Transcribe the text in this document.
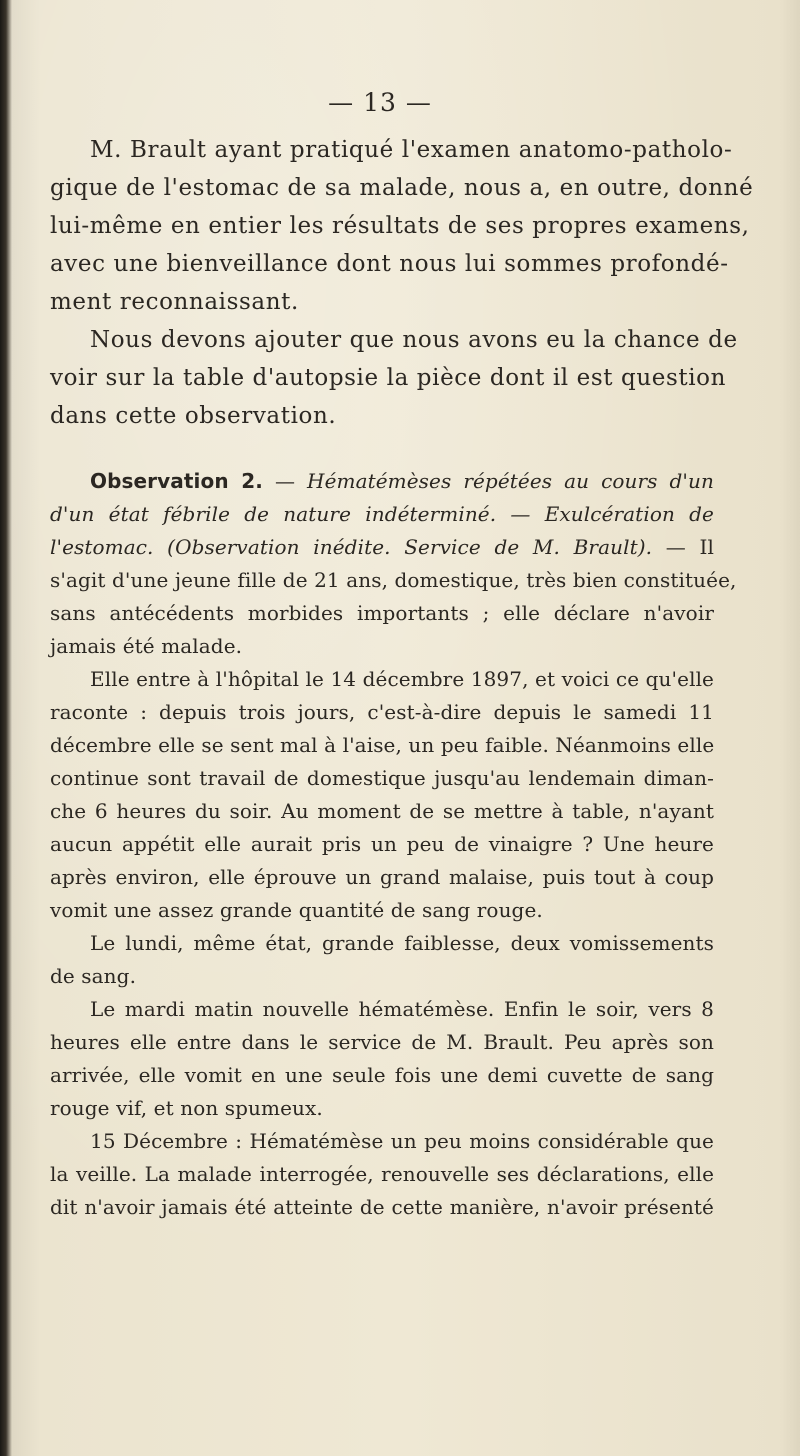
— 13 —
M. Brault ayant pratiqué l'examen anatomo-patholo-
gique de l'estomac de sa malade, nous a, en outre, donné
lui-même en entier les résultats de ses propres examens,
avec une bienveillance dont nous lui sommes profondé-
ment reconnaissant.
Nous devons ajouter que nous avons eu la chance de
voir sur la table d'autopsie la pièce dont il est question
dans cette observation.
Observation 2. — Hématémèses répétées au cours d'un
d'un état fébrile de nature indéterminé. — Exulcération de
l'estomac. (Observation inédite. Service de M. Brault). — Il
s'agit d'une jeune fille de 21 ans, domestique, très bien constituée,
sans antécédents morbides importants ; elle déclare n'avoir
jamais été malade.
Elle entre à l'hôpital le 14 décembre 1897, et voici ce qu'elle
raconte : depuis trois jours, c'est-à-dire depuis le samedi 11
décembre elle se sent mal à l'aise, un peu faible. Néanmoins elle
continue sont travail de domestique jusqu'au lendemain diman-
che 6 heures du soir. Au moment de se mettre à table, n'ayant
aucun appétit elle aurait pris un peu de vinaigre ? Une heure
après environ, elle éprouve un grand malaise, puis tout à coup
vomit une assez grande quantité de sang rouge.
Le lundi, même état, grande faiblesse, deux vomissements
de sang.
Le mardi matin nouvelle hématémèse. Enfin le soir, vers 8
heures elle entre dans le service de M. Brault. Peu après son
arrivée, elle vomit en une seule fois une demi cuvette de sang
rouge vif, et non spumeux.
15 Décembre : Hématémèse un peu moins considérable que
la veille. La malade interrogée, renouvelle ses déclarations, elle
dit n'avoir jamais été atteinte de cette manière, n'avoir présenté
